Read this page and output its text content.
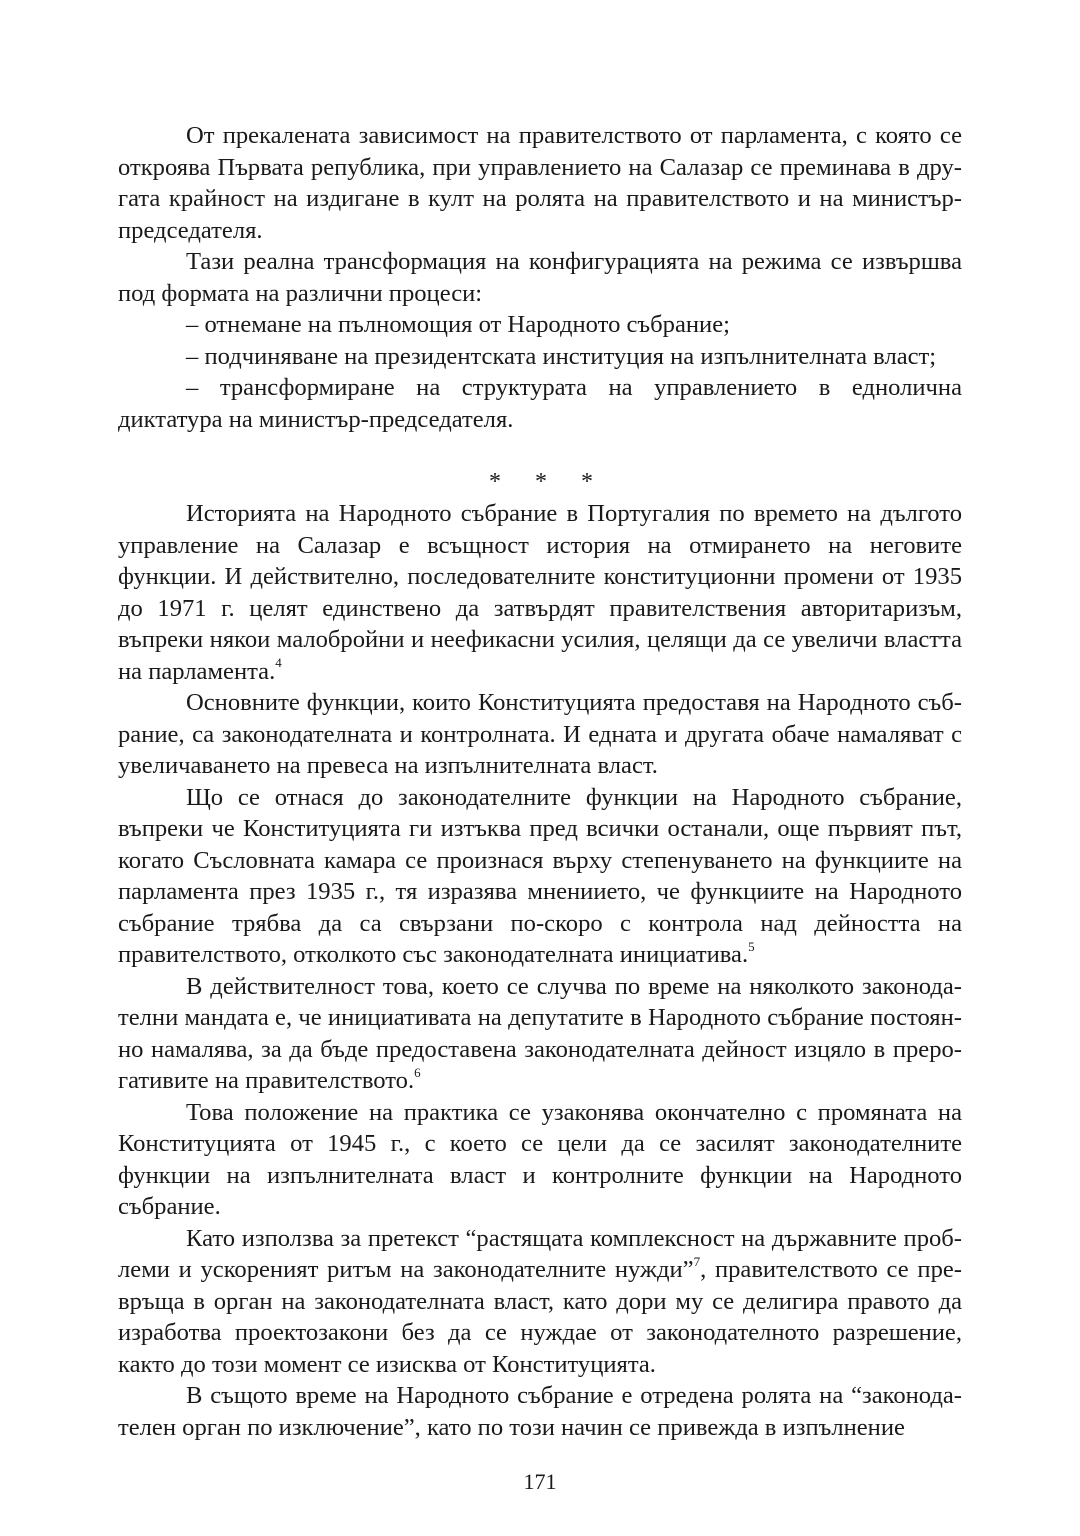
От прекалената зависимост на правителството от парламента, с която се откроява Първата република, при управлението на Салазар се преминава в другата крайност на издигане в култ на ролята на правителството и на министър-председателя.

Тази реална трансформация на конфигурацията на режима се извършва под формата на различни процеси:

– отнемане на пълномощия от Народното събрание;

– подчиняване на президентската институция на изпълнителната власт;

– трансформиране на структурата на управлението в еднолична диктатура на министър-председателя.

* * *

Историята на Народното събрание в Португалия по времето на дългото управление на Салазар е всъщност история на отмирането на неговите функции. И действително, последователните конституционни промени от 1935 до 1971 г. целят единствено да затвърдят правителствения авторитаризъм, въпреки някои малобройни и неефикасни усилия, целящи да се увеличи властта на парламента.$^4$

Основните функции, които Конституцията предоставя на Народното събрание, са законодателната и контролната. И едната и другата обаче намаляват с увеличаването на превеса на изпълнителната власт.

Що се отнася до законодателните функции на Народното събрание, въпреки че Конституцията ги изтъква пред всички останали, още първият път, когато Съсловната камара се произнася върху степенуването на функциите на парламента през 1935 г., тя изразява мнениието, че функциите на Народното събрание трябва да са свързани по-скоро с контрола над дейността на правителството, отколкото със законодателната инициатива.$^5$

В действителност това, което се случва по време на няколкото законодателни мандата е, че инициативата на депутатите в Народното събрание постоянно намалява, за да бъде предоставена законодателната дейност изцяло в прерогативите на правителството.$^6$

Това положение на практика се узаконява окончателно с промяната на Конституцията от 1945 г., с което се цели да се засилят законодателните функции на изпълнителната власт и контролните функции на Народното събрание.

Като използва за претекст “растящата комплексност на държавните проблеми и ускореният ритъм на законодателните нужди”$^7$, правителството се превръща в орган на законодателната власт, като дори му се делигира правото да изработва проектозакони без да се нуждае от законодателното разрешение, както до този момент се изисква от Конституцията.

В същото време на Народното събрание е отредена ролята на “законодателен орган по изключение”, като по този начин се привежда в изпълнение

171
